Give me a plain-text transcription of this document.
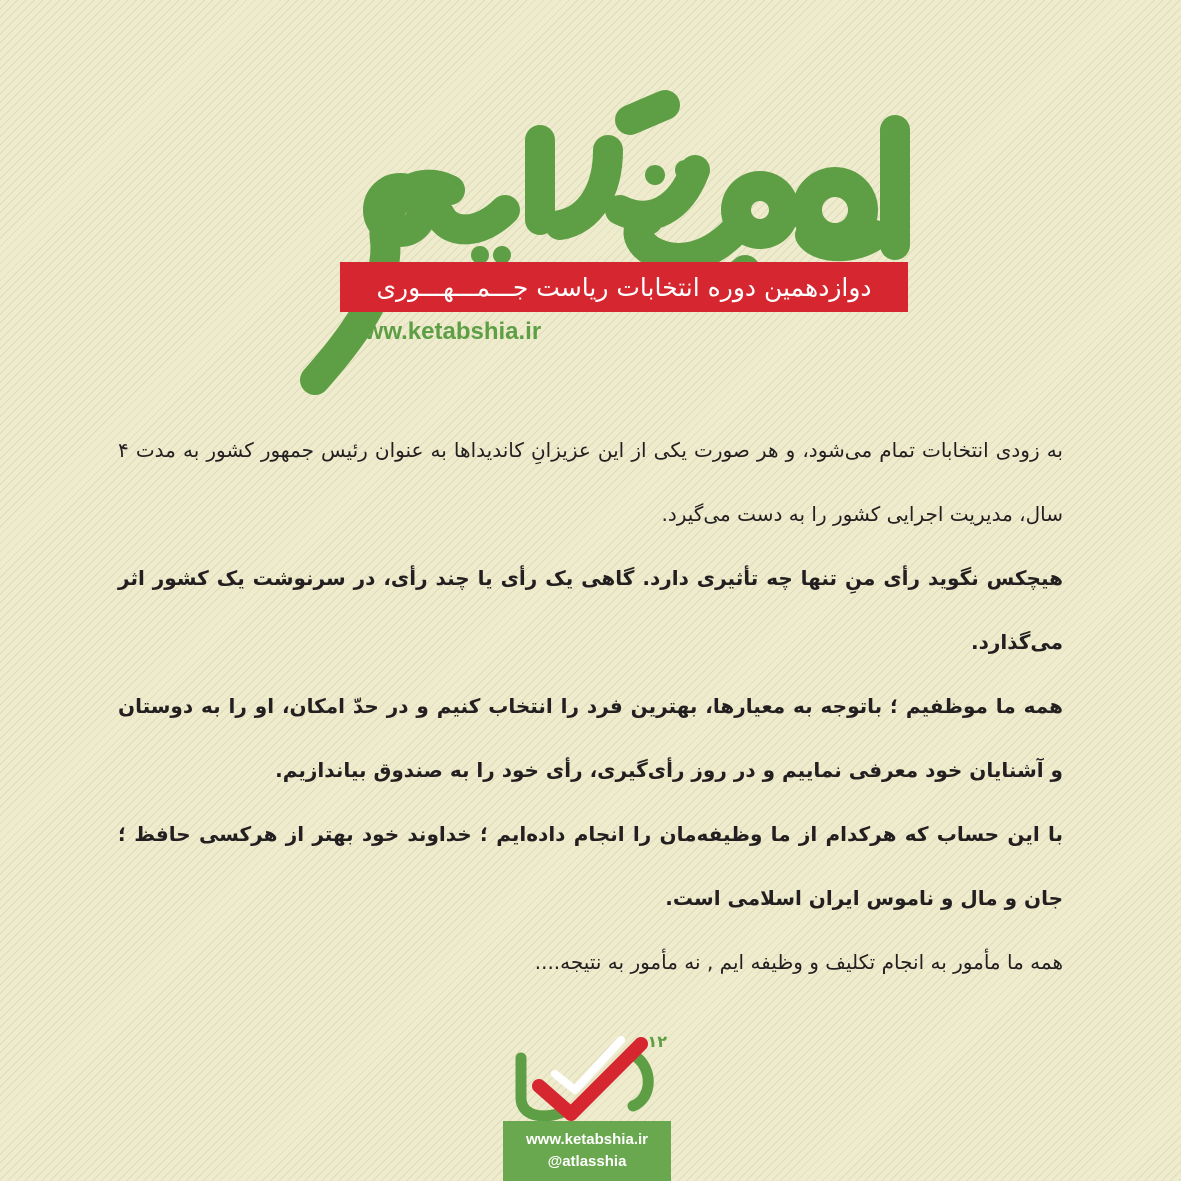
دوازدهمین دوره انتخابات ریاست جـــمـــهـــوری
www.ketabshia.ir

به زودی انتخابات تمام می‌شود، و هر صورت یکی از این عزیزانِ کاندیداها به عنوان رئیس جمهور کشور به مدت ۴ سال، مدیریت اجرایی کشور را به دست می‌گیرد.

هیچکس نگوید رأی منِ تنها چه تأثیری دارد. گاهی یک رأی یا چند رأی، در سرنوشت یک کشور اثر می‌گذارد.

همه ما موظفیم ؛ باتوجه به معیارها، بهترین فرد را انتخاب کنیم و در حدّ امکان، او را به دوستان و آشنایان خود معرفی نماییم و در روز رأی‌گیری، رأی خود را به صندوق بیاندازیم.

با این حساب که هرکدام از ما وظیفه‌مان را انجام داده‌ایم ؛ خداوند خود بهتر از هرکسی حافظ ؛ جان و مال و ناموس ایران اسلامی است.

همه ما مأمور به انجام تکلیف و وظیفه ایم , نه مأمور به نتیجه....

۱۲
www.ketabshia.ir
@atlasshia
